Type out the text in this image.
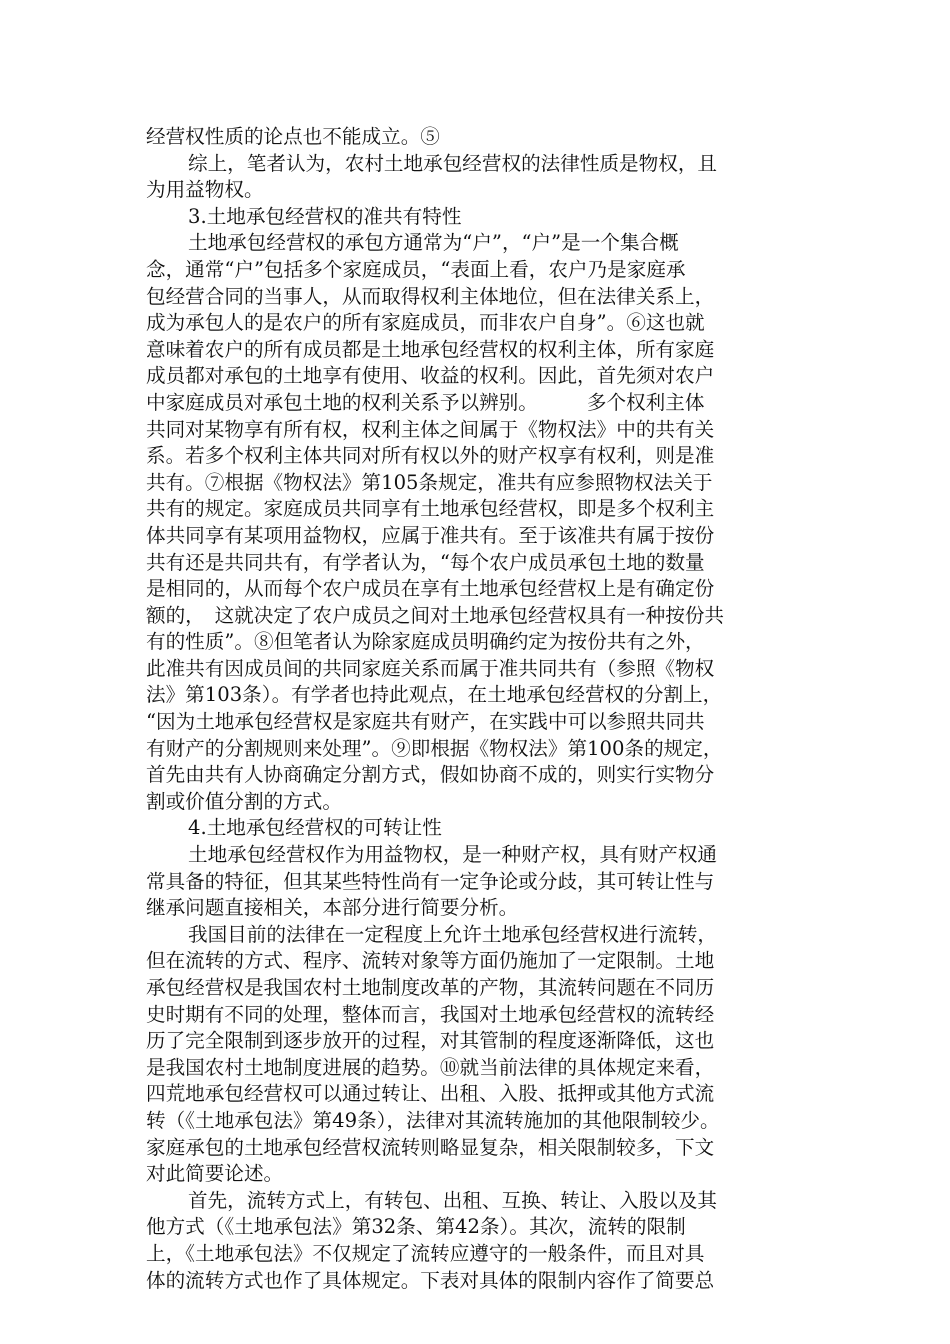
经营权性质的论点也不能成立。⑤
综上，笔者认为，农村土地承包经营权的法律性质是物权，且
为用益物权。
3.土地承包经营权的准共有特性
土地承包经营权的承包方通常为“户”，“户”是一个集合概
念，通常“户”包括多个家庭成员，“表面上看，农户乃是家庭承
包经营合同的当事人，从而取得权利主体地位，但在法律关系上，
成为承包人的是农户的所有家庭成员，而非农户自身”。⑥这也就
意味着农户的所有成员都是土地承包经营权的权利主体，所有家庭
成员都对承包的土地享有使用、收益的权利。因此，首先须对农户
中家庭成员对承包土地的权利关系予以辨别。　　　多个权利主体
共同对某物享有所有权，权利主体之间属于《物权法》中的共有关
系。若多个权利主体共同对所有权以外的财产权享有权利，则是准
共有。⑦根据《物权法》第105条规定，准共有应参照物权法关于
共有的规定。家庭成员共同享有土地承包经营权，即是多个权利主
体共同享有某项用益物权，应属于准共有。至于该准共有属于按份
共有还是共同共有，有学者认为，“每个农户成员承包土地的数量
是相同的，从而每个农户成员在享有土地承包经营权上是有确定份
额的，　这就决定了农户成员之间对土地承包经营权具有一种按份共
有的性质”。⑧但笔者认为除家庭成员明确约定为按份共有之外，
此准共有因成员间的共同家庭关系而属于准共同共有（参照《物权
法》第103条）。有学者也持此观点，在土地承包经营权的分割上，
“因为土地承包经营权是家庭共有财产，在实践中可以参照共同共
有财产的分割规则来处理”。⑨即根据《物权法》第100条的规定，
首先由共有人协商确定分割方式，假如协商不成的，则实行实物分
割或价值分割的方式。
4.土地承包经营权的可转让性
土地承包经营权作为用益物权，是一种财产权，具有财产权通
常具备的特征，但其某些特性尚有一定争论或分歧，其可转让性与
继承问题直接相关，本部分进行简要分析。
我国目前的法律在一定程度上允许土地承包经营权进行流转，
但在流转的方式、程序、流转对象等方面仍施加了一定限制。土地
承包经营权是我国农村土地制度改革的产物，其流转问题在不同历
史时期有不同的处理，整体而言，我国对土地承包经营权的流转经
历了完全限制到逐步放开的过程，对其管制的程度逐渐降低，这也
是我国农村土地制度进展的趋势。⑩就当前法律的具体规定来看，
四荒地承包经营权可以通过转让、出租、入股、抵押或其他方式流
转（《土地承包法》第49条），法律对其流转施加的其他限制较少。
家庭承包的土地承包经营权流转则略显复杂，相关限制较多，下文
对此简要论述。
首先，流转方式上，有转包、出租、互换、转让、入股以及其
他方式（《土地承包法》第32条、第42条）。其次，流转的限制
上，《土地承包法》不仅规定了流转应遵守的一般条件，而且对具
体的流转方式也作了具体规定。下表对具体的限制内容作了简要总
